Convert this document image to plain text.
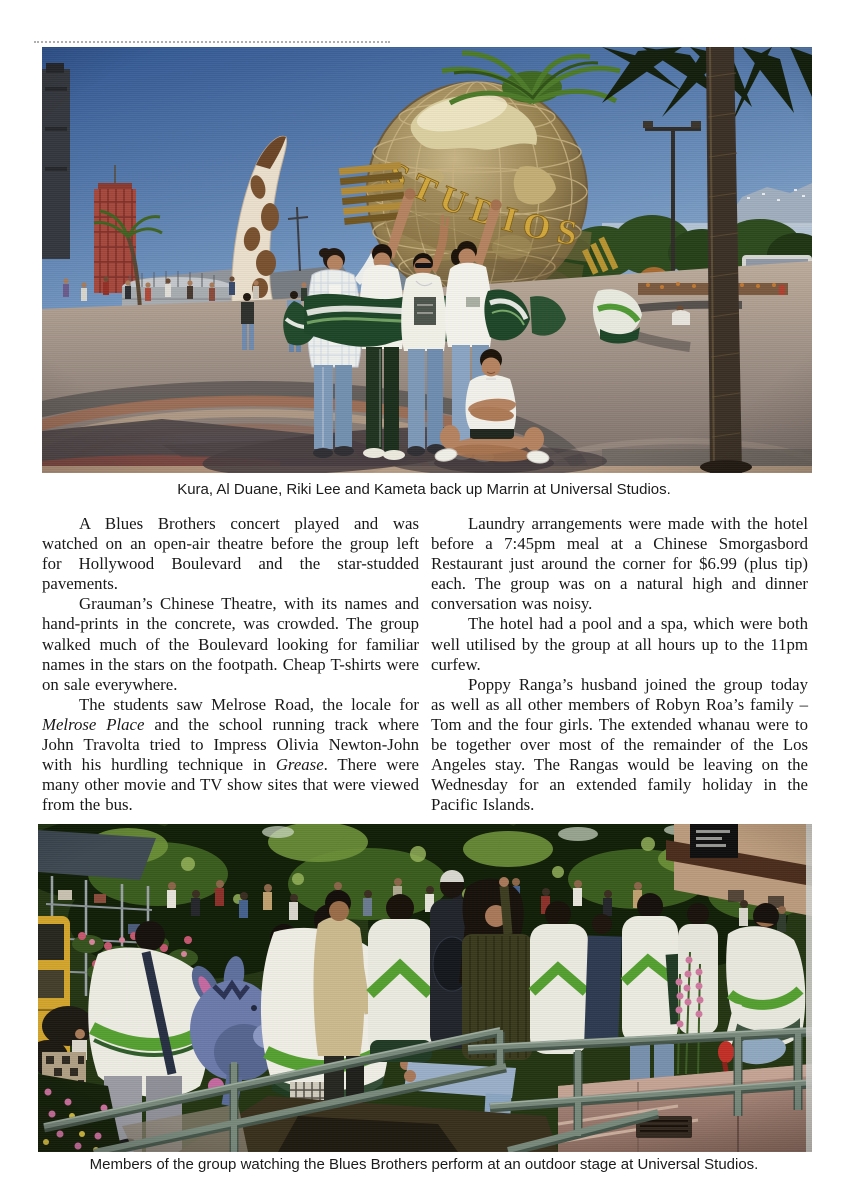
Kura, Al Duane, Riki Lee and Kameta back up Marrin at Universal Studios.

A Blues Brothers concert played and was watched on an open-air theatre before the group left for Hollywood Boulevard and the star-studded pavements.

Grauman’s Chinese Theatre, with its names and hand-prints in the concrete, was crowded. The group walked much of the Boulevard looking for familiar names in the stars on the footpath. Cheap T-shirts were on sale everywhere.

The students saw Melrose Road, the locale for Melrose Place and the school running track where John Travolta tried to Impress Olivia Newton-John with his hurdling technique in Grease. There were many other movie and TV show sites that were viewed from the bus.

Laundry arrangements were made with the hotel before a 7:45pm meal at a Chinese Smorgasbord Restaurant just around the corner for $6.99 (plus tip) each. The group was on a natural high and dinner conversation was noisy.

The hotel had a pool and a spa, which were both well utilised by the group at all hours up to the 11pm curfew.

Poppy Ranga’s husband joined the group today as well as all other members of Robyn Roa’s family – Tom and the four girls. The extended whanau were to be together over most of the remainder of the Los Angeles stay. The Rangas would be leaving on the Wednesday for an extended family holiday in the Pacific Islands.

Members of the group watching the Blues Brothers perform at an outdoor stage at Universal Studios.
